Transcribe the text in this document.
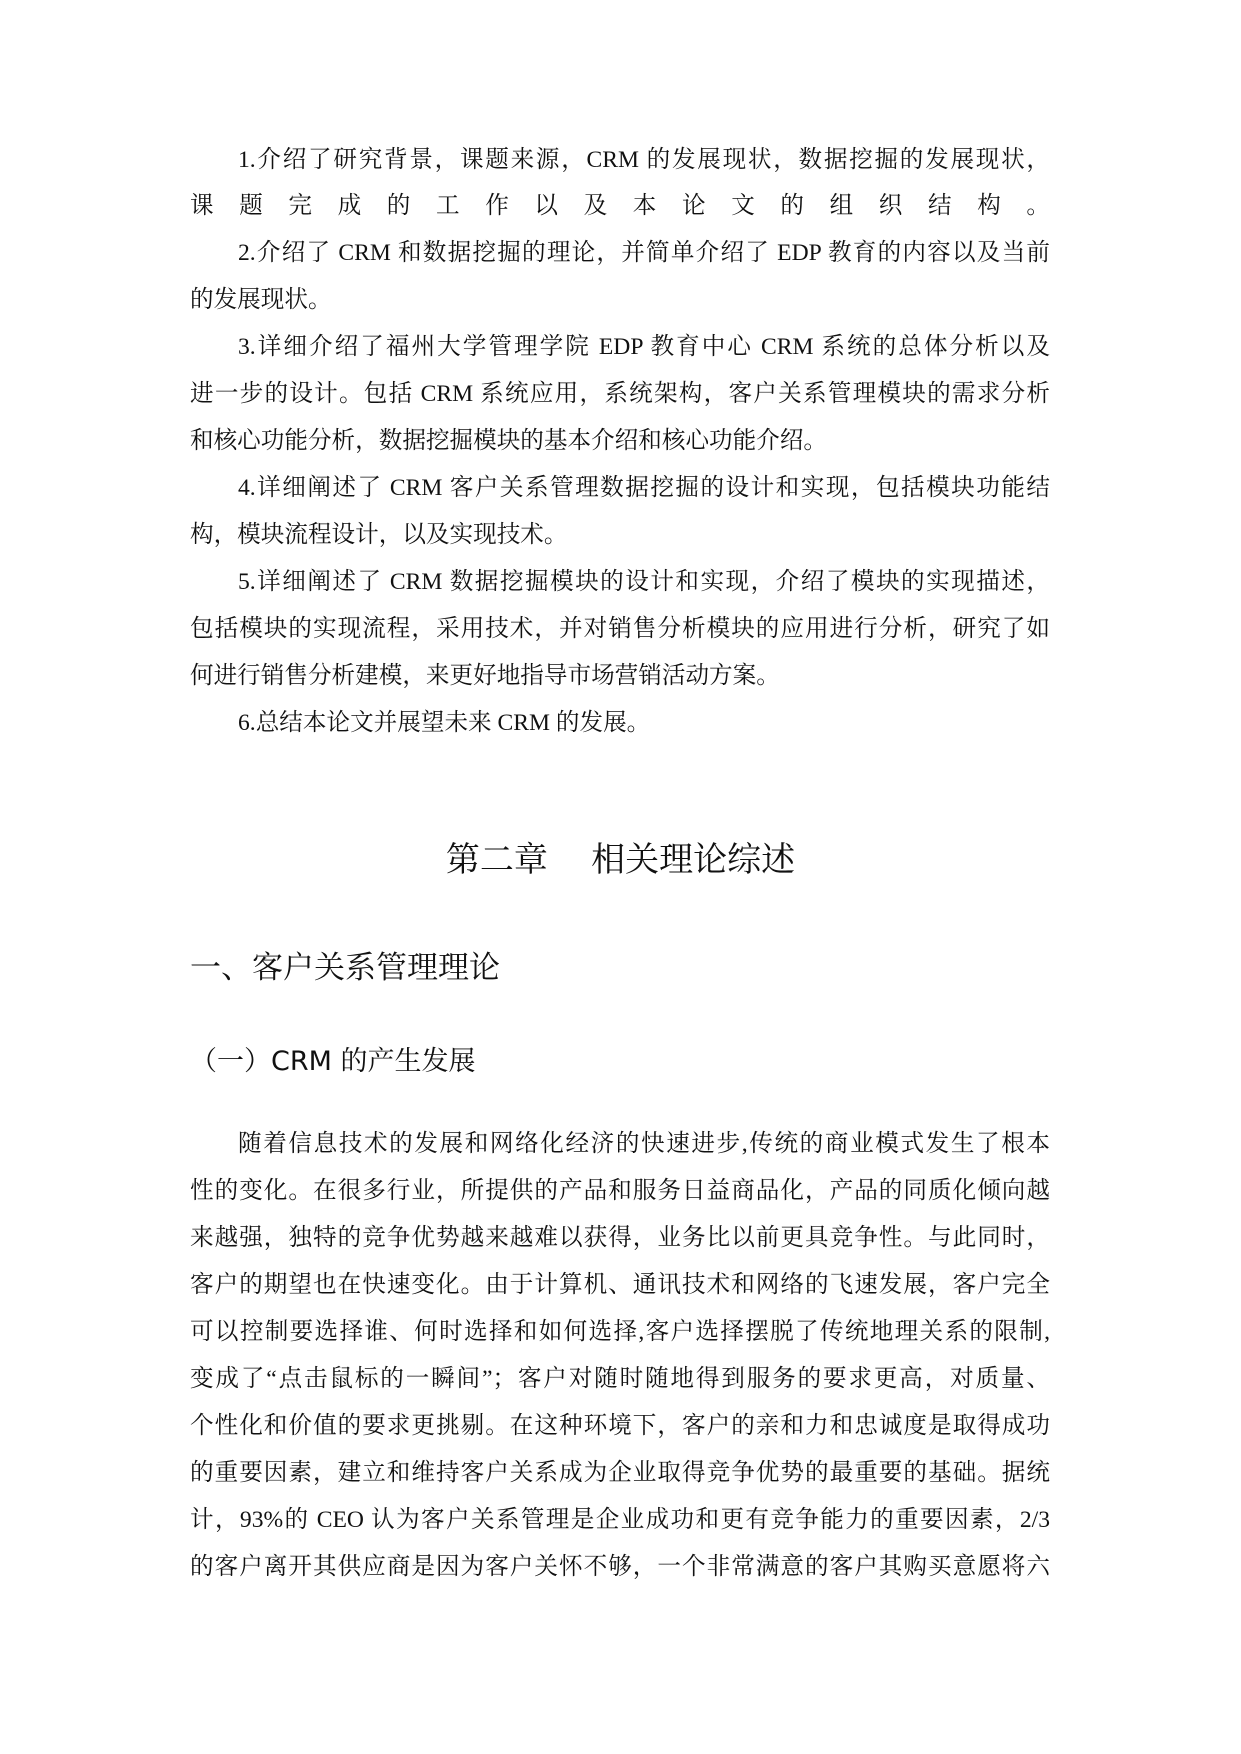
1.介绍了研究背景，课题来源，CRM 的发展现状，数据挖掘的发展现状，
课题完成的工作以及本论文的组织结构。
2.介绍了 CRM 和数据挖掘的理论，并简单介绍了 EDP 教育的内容以及当前
的发展现状。
3.详细介绍了福州大学管理学院 EDP 教育中心 CRM 系统的总体分析以及
进一步的设计。包括 CRM 系统应用，系统架构，客户关系管理模块的需求分析
和核心功能分析，数据挖掘模块的基本介绍和核心功能介绍。
4.详细阐述了 CRM 客户关系管理数据挖掘的设计和实现，包括模块功能结
构，模块流程设计，以及实现技术。
5.详细阐述了 CRM 数据挖掘模块的设计和实现，介绍了模块的实现描述，
包括模块的实现流程，采用技术，并对销售分析模块的应用进行分析，研究了如
何进行销售分析建模，来更好地指导市场营销活动方案。
6.总结本论文并展望未来 CRM 的发展。
第二章    相关理论综述
一、客户关系管理理论
（一）CRM 的产生发展
随着信息技术的发展和网络化经济的快速进步,传统的商业模式发生了根本
性的变化。在很多行业，所提供的产品和服务日益商品化，产品的同质化倾向越
来越强，独特的竞争优势越来越难以获得，业务比以前更具竞争性。与此同时，
客户的期望也在快速变化。由于计算机、通讯技术和网络的飞速发展，客户完全
可以控制要选择谁、何时选择和如何选择,客户选择摆脱了传统地理关系的限制,
变成了“点击鼠标的一瞬间”；客户对随时随地得到服务的要求更高，对质量、
个性化和价值的要求更挑剔。在这种环境下，客户的亲和力和忠诚度是取得成功
的重要因素，建立和维持客户关系成为企业取得竞争优势的最重要的基础。据统
计，93%的 CEO 认为客户关系管理是企业成功和更有竞争能力的重要因素，2/3
的客户离开其供应商是因为客户关怀不够，一个非常满意的客户其购买意愿将六
